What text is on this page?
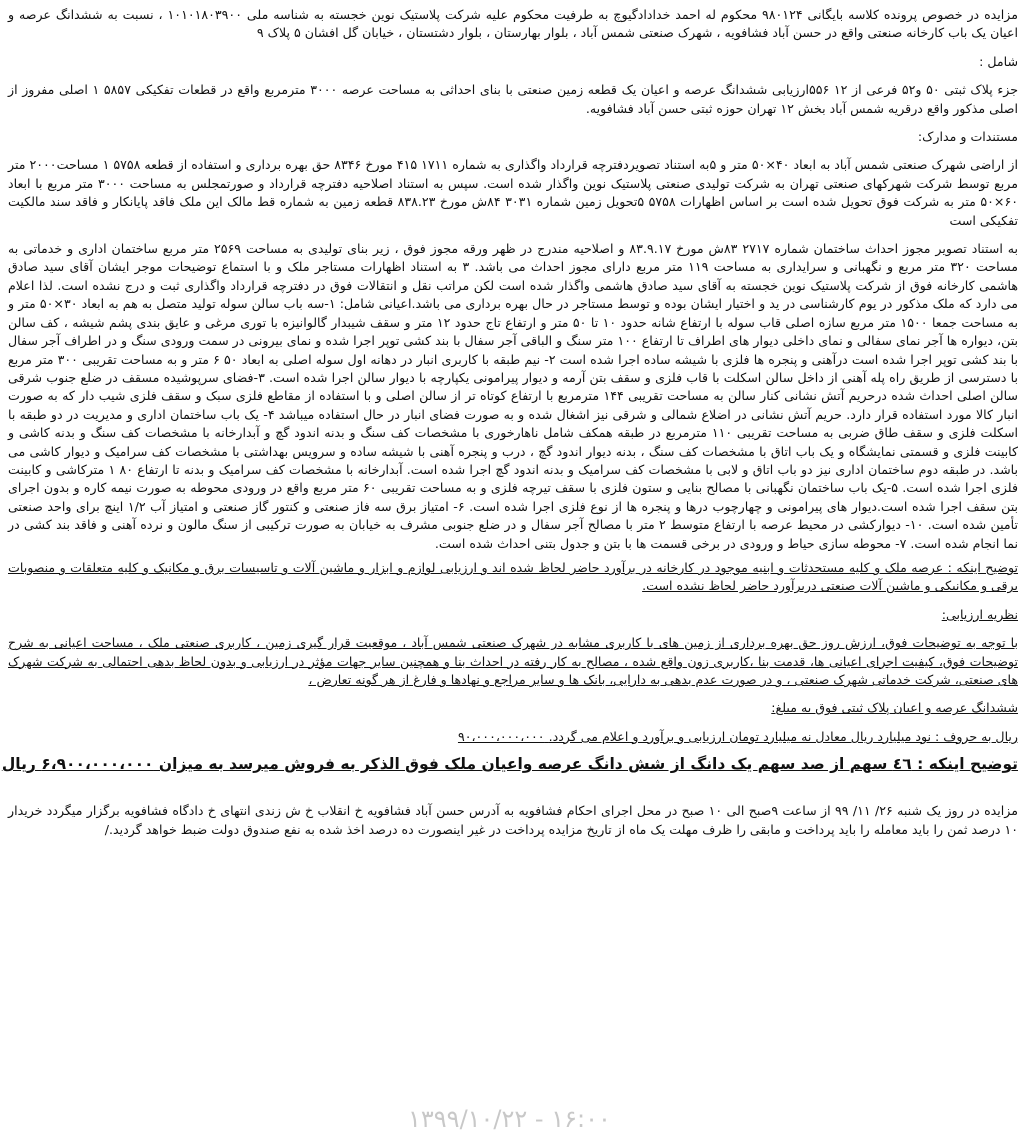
مزایده در خصوص پرونده کلاسه بایگانی ۹۸۰۱۲۴ محکوم له احمد خدادادگیوچ به طرفیت محکوم علیه شرکت پلاستیک نوین خجسته به شناسه ملی ۱۰۱۰۱۸۰۳۹۰۰ ، نسبت به ششدانگ عرصه و اعیان یک باب کارخانه صنعتی واقع در حسن آباد فشافویه ، شهرک صنعتی شمس آباد ، بلوار بهارستان ، بلوار دشتستان ، خیابان گل افشان ۵ پلاک ۹

شامل :

جزء پلاک ثبتی ۵۰ و۵۲ فرعی از ۱۲ ۵۵۶ارزیابی ششدانگ عرصه و اعیان یک قطعه زمین صنعتی با بنای احداثی به مساحت عرصه ۳۰۰۰ مترمربع واقع در قطعات تفکیکی ۵۸۵۷ ۱ اصلی مفروز از اصلی مذکور واقع درقریه شمس آباد بخش ۱۲ تهران حوزه ثبتی حسن آباد فشافویه.

مستندات و مدارک:

از اراضی شهرک صنعتی شمس آباد به ابعاد ۴۰×۵۰ متر و ۵به استناد تصویردفترچه قرارداد واگذاری به شماره ۱۷۱۱ ۴۱۵ مورخ ۸۳۴۶ حق بهره برداری و استفاده از قطعه ۵۷۵۸ ۱ مساحت۲۰۰۰ متر مربع توسط شرکت شهرکهای صنعتی تهران به شرکت تولیدی صنعتی پلاستیک نوین واگذار شده است. سپس به استناد اصلاحیه دفترچه قرارداد و صورتمجلس به مساحت ۳۰۰۰ متر مربع با ابعاد ۶۰×۵۰ متر به شرکت فوق تحویل شده است بر اساس اظهارات ۵۷۵۸ ۵تحویل زمین شماره ۳۰۳۱ ۸۴ش مورخ ۸۳۸.۲۳ قطعه زمین به شماره قط مالک این ملک فاقد پایانکار و فاقد سند مالکیت تفکیکی است

به استناد تصویر مجوز احداث ساختمان شماره ۲۷۱۷ ۸۳ش مورخ ۸۳.۹.۱۷ و اصلاحیه مندرج در ظهر ورقه مجوز فوق ، زیر بنای تولیدی به مساحت ۲۵۶۹ متر مربع ساختمان اداری و خدماتی به مساحت ۳۲۰ متر مربع و نگهبانی و سرایداری به مساحت ۱۱۹ متر مربع دارای مجوز احداث می باشد. ۳ به استناد اظهارات مستاجر ملک و با استماع توضیحات موجر ایشان آقای سید صادق هاشمی کارخانه فوق از شرکت پلاستیک نوین خجسته به آقای سید صادق هاشمی واگذار شده است لکن مراتب نقل و انتقالات فوق در دفترچه قرارداد واگذاری ثبت و درج نشده است. لذا اعلام می دارد که ملک مذکور در یوم کارشناسی در ید و اختیار ایشان بوده و توسط مستاجر در حال بهره برداری می باشد.اعیانی شامل: ۱-سه باب سالن سوله تولید متصل به هم به ابعاد ۳۰×۵۰ متر و به مساحت جمعا ۱۵۰۰ متر مربع سازه اصلی قاب سوله با ارتفاع شانه حدود ۱۰ تا ۵۰ متر و ارتفاع تاج حدود ۱۲ متر و سقف شیبدار گالوانیزه با توری مرغی و عایق بندی پشم شیشه ، کف سالن بتن، دیواره ها آجر نمای سفالی و نمای داخلی دیوار های اطراف تا ارتفاع ۱۰۰ متر سنگ و الباقی آجر سفال با بند کشی توپر اجرا شده و نمای بیرونی در سمت ورودی سنگ و در اطراف آجر سفال با بند کشی توپر اجرا شده است درآهنی و پنجره ها فلزی با شیشه ساده اجرا شده است ۲- نیم طبقه با کاربری انبار در دهانه اول سوله اصلی به ابعاد ۵۰ ۶ متر و به مساحت تقریبی ۳۰۰ متر مربع با دسترسی از طریق راه پله آهنی از داخل سالن اسکلت با قاب فلزی و سقف بتن آرمه و دیوار پیرامونی یکپارچه با دیوار سالن اجرا شده است. ۳-فضای سرپوشیده مسقف در ضلع جنوب شرقی سالن اصلی احداث شده درحریم آتش نشانی کنار سالن به مساحت تقریبی ۱۴۴ مترمربع با ارتفاع کوتاه تر از سالن اصلی و با استفاده از مقاطع فلزی سبک و سقف فلزی شیب دار که به صورت انبار کالا مورد استفاده قرار دارد. حریم آتش نشانی در اضلاع شمالی و شرقی نیز اشغال شده و به صورت فضای انبار در حال استفاده میباشد ۴- یک باب ساختمان اداری و مدیریت در دو طبقه با اسکلت فلزی و سقف طاق ضربی به مساحت تقریبی ۱۱۰ مترمربع در طبقه همکف شامل ناهارخوری با مشخصات کف سنگ و بدنه اندود گچ و آبدارخانه با مشخصات کف سنگ و بدنه کاشی و کابینت فلزی و قسمتی نمایشگاه و یک باب اتاق با مشخصات کف سنگ ، بدنه دیوار اندود گچ ، درب و پنجره آهنی با شیشه ساده و سرویس بهداشتی با مشخصات کف سرامیک و دیوار کاشی می باشد. در طبقه دوم ساختمان اداری نیز دو باب اتاق و لابی با مشخصات کف سرامیک و بدنه اندود گچ اجرا شده است. آبدارخانه با مشخصات کف سرامیک و بدنه تا ارتفاع ۸۰ ۱ مترکاشی و کابینت فلزی اجرا شده است. ۵-یک باب ساختمان نگهبانی با مصالح بنایی و ستون فلزی با سقف تیرچه فلزی و به مساحت تقریبی ۶۰ متر مربع واقع در ورودی محوطه به صورت نیمه کاره و بدون اجرای بتن سقف اجرا شده است.دیوار های پیرامونی و چهارچوب درها و پنجره ها از نوع فلزی اجرا شده است. ۶- امتیاز برق سه فاز صنعتی و کنتور گاز صنعتی و امتیاز آب ۱/۲ اینچ برای واحد صنعتی تأمین شده است. ۱۰- دیوارکشی در محیط عرصه با ارتفاع متوسط ۲ متر با مصالح آجر سفال و در ضلع جنوبی مشرف به خیابان به صورت ترکیبی از سنگ مالون و نرده آهنی و فاقد بند کشی در نما انجام شده است. ۷- محوطه سازی حیاط و ورودی در برخی قسمت ها با بتن و جدول بتنی احداث شده است.

۱۳۹۹/۱۰/۲۲ - ۱۶:۰۰

توضیح اینکه : عرصه ملک و کلیه مستحدثات و ابنیه موجود در کارخانه در برآورد حاضر لحاظ شده اند و ارزیابی لوازم و ابزار و ماشین آلات و تاسیسات برق و مکانیک و کلیه متعلقات و منصوبات برقی و مکانیکی و ماشین آلات صنعتی دربرآورد حاضر لحاظ نشده است.

نظریه ارزیابی:

با توجه به توضیحات فوق، ارزش روز حق بهره برداری از زمین های با کاربری مشابه در شهرک صنعتی شمس آباد ، موقعیت قرار گیری زمین ، کاربری صنعتی ملک ، مساحت اعیانی به شرح توضیحات فوق، کیفیت اجرای اعیانی ها، قدمت بنا ،کاربری زون واقع شده ، مصالح به کار رفته در احداث بنا و همچنین سایر جهات مؤثر در ارزیابی و بدون لحاظ بدهی احتمالی به شرکت شهرک های صنعتی، شرکت خدماتی شهرک صنعتی ، و در صورت عدم بدهی به دارایی، بانک ها و سایر مراجع و نهادها و فارغ از هر گونه تعارض ،

ششدانگ عرصه و اعیان پلاک ثبتی فوق به مبلغ:

ریال به حروف : نود میلیارد ریال معادل نه میلیارد تومان ارزیابی و برآورد و اعلام می گردد. ۹۰،۰۰۰،۰۰۰،۰۰۰

توضیح اینکه : ٤٦ سهم از صد سهم یک دانگ از شش دانگ عرصه واعیان ملک فوق الذکر به فروش میرسد به میزان ۶،۹۰۰،۰۰۰،۰۰۰ ریال

مزایده در روز یک شنبه ۲۶/ ۱۱/ ۹۹ از ساعت ۹صبح الی ۱۰ صبح در محل اجرای احکام فشافویه به آدرس حسن آباد فشافویه خ انقلاب خ ش زندی انتهای خ دادگاه فشافویه برگزار میگردد خریدار ۱۰ درصد ثمن را باید معامله را باید پرداخت و مابقی را ظرف مهلت یک ماه از تاریخ مزایده پرداخت در غیر اینصورت ده درصد اخذ شده به نفع صندوق دولت ضبط خواهد گردید./
